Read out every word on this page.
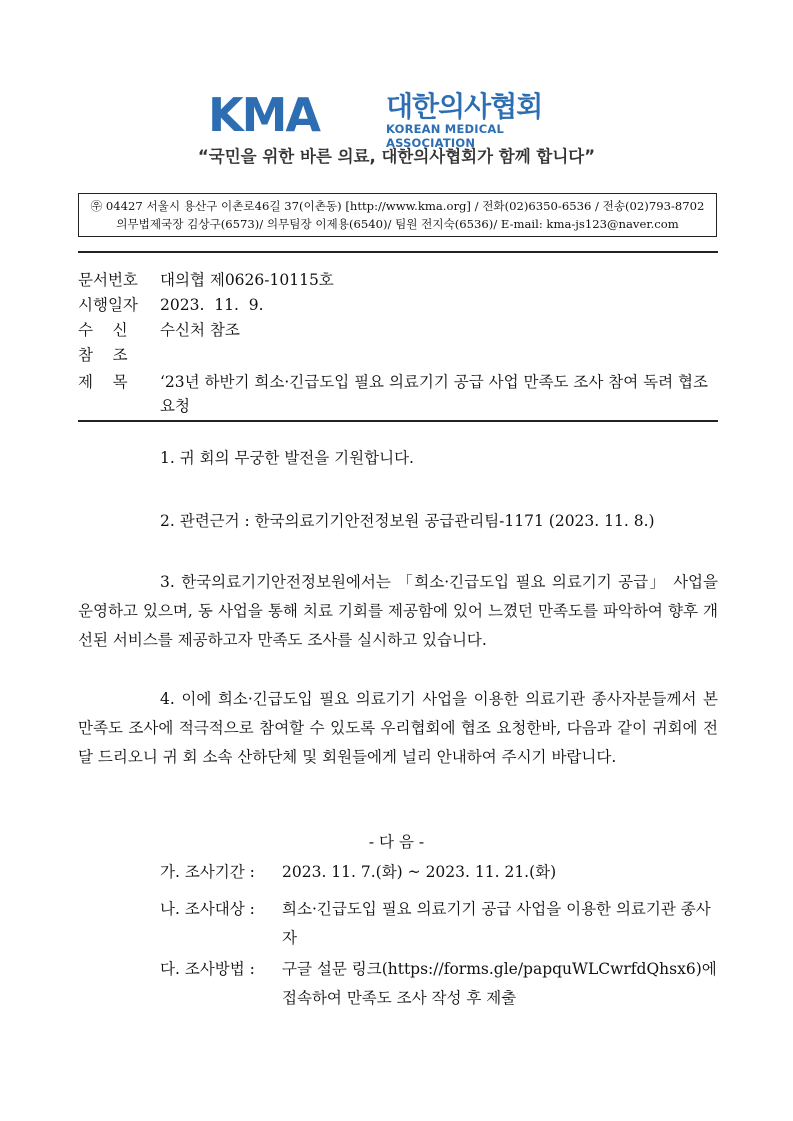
KMA 대한의사협회
KOREAN MEDICAL ASSOCIATION
“국민을 위한 바른 의료, 대한의사협회가 함께 합니다”
㉾ 04427 서울시 용산구 이촌로46길 37(이촌동) [http://www.kma.org] / 전화(02)6350-6536 / 전송(02)793-8702
의무법제국장 김상구(6573)/ 의무팀장 이제용(6540)/ 팀원 전지숙(6536)/ E-mail: kma-js123@naver.com
문서번호 대의협 제0626-10115호
시행일자 2023.  11.  9.
수    신 수신처 참조
참    조
제    목	‘23년 하반기 희소·긴급도입 필요 의료기기 공급 사업 만족도 조사 참여 독려 협조 요청
1. 귀 회의 무궁한 발전을 기원합니다.
2. 관련근거 : 한국의료기기안전정보원 공급관리팀-1171 (2023. 11. 8.)
3. 한국의료기기안전정보원에서는 「희소·긴급도입 필요 의료기기 공급」 사업을 운영하고 있으며, 동 사업을 통해 치료 기회를 제공함에 있어 느꼈던 만족도를 파악하여 향후 개선된 서비스를 제공하고자 만족도 조사를 실시하고 있습니다.
4. 이에 희소·긴급도입 필요 의료기기 사업을 이용한 의료기관 종사자분들께서 본 만족도 조사에 적극적으로 참여할 수 있도록 우리협회에 협조 요청한바, 다음과 같이 귀회에 전달 드리오니 귀 회 소속 산하단체 및 회원들에게 널리 안내하여 주시기 바랍니다.
- 다 음 -
가. 조사기간 : 2023. 11. 7.(화) ~ 2023. 11. 21.(화)
나. 조사대상 : 희소·긴급도입 필요 의료기기 공급 사업을 이용한 의료기관 종사자
다. 조사방법 : 구글 설문 링크(https://forms.gle/papquWLCwrfdQhsx6)에 접속하여 만족도 조사 작성 후 제출
